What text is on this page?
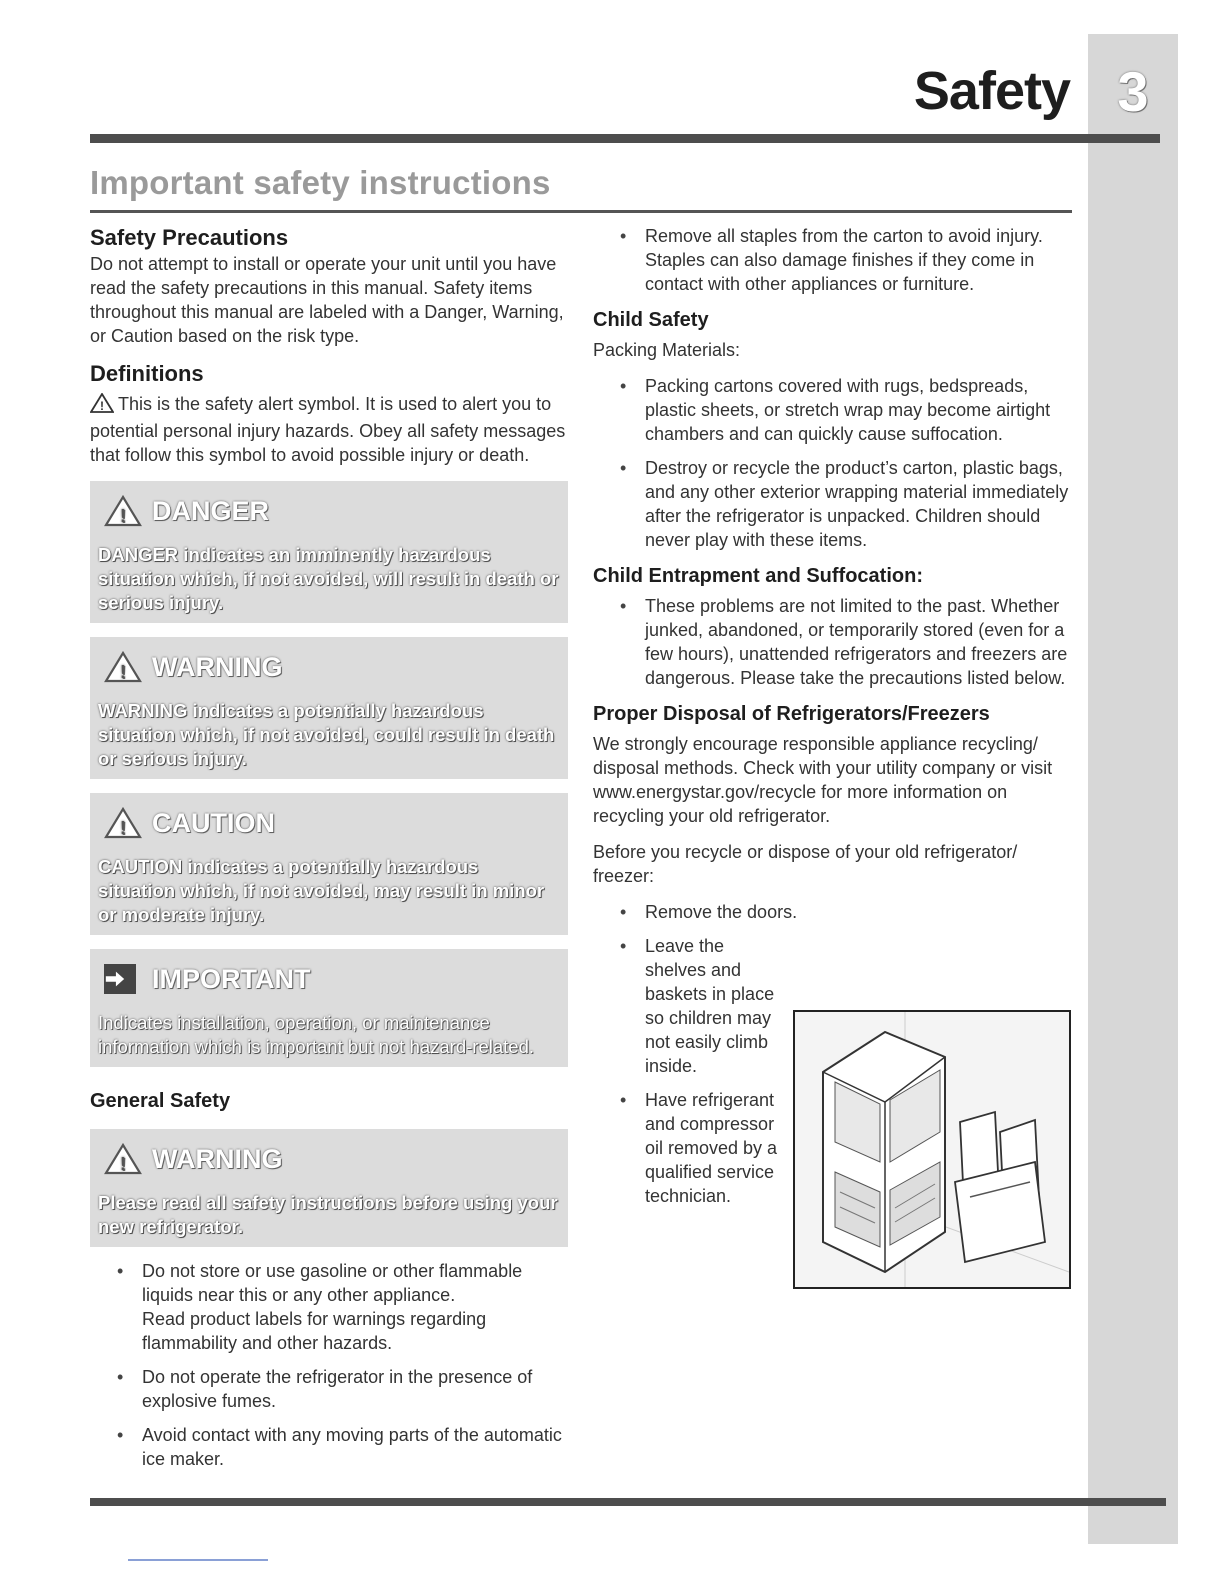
3
Safety
Important safety instructions
Safety Precautions

Do not attempt to install or operate your unit until you have read the safety precautions in this manual. Safety items throughout this manual are labeled with a Danger, Warning, or Caution based on the risk type.

Definitions

! This is the safety alert symbol. It is used to alert you to potential personal injury hazards. Obey all safety messages that follow this symbol to avoid possible injury or death.

! DANGER
DANGER indicates an imminently hazardous situation which, if not avoided, will result in death or serious injury.
! WARNING
WARNING indicates a potentially hazardous situation which, if not avoided, could result in death or serious injury.
! CAUTION
CAUTION indicates a potentially hazardous situation which, if not avoided, may result in minor or moderate injury.
IMPORTANT
Indicates installation, operation, or maintenance information which is important but not hazard-related.
General Safety
! WARNING
Please read all safety instructions before using your new refrigerator.
• Do not store or use gasoline or other flammable liquids near this or any other appliance.
Read product labels for warnings regarding flammability and other hazards.
• Do not operate the refrigerator in the presence of explosive fumes.
• Avoid contact with any moving parts of the automatic ice maker.
• Remove all staples from the carton to avoid injury. Staples can also damage finishes if they come in contact with other appliances or furniture.
Child Safety

Packing Materials:

• Packing cartons covered with rugs, bedspreads, plastic sheets, or stretch wrap may become airtight chambers and can quickly cause suffocation.
• Destroy or recycle the product’s carton, plastic bags, and any other exterior wrapping material immediately after the refrigerator is unpacked. Children should never play with these items.
Child Entrapment and Suffocation:
• These problems are not limited to the past. Whether junked, abandoned, or temporarily stored (even for a few hours), unattended refrigerators and freezers are dangerous. Please take the precautions listed below.
Proper Disposal of Refrigerators/Freezers

We strongly encourage responsible appliance recycling/ disposal methods. Check with your utility company or visit www.energystar.gov/recycle for more information on recycling your old refrigerator.

Before you recycle or dispose of your old refrigerator/ freezer:

• Remove the doors.
• Leave the shelves and baskets in place so children may not easily climb inside.
• Have refrigerant and compressor oil removed by a qualified service technician.
